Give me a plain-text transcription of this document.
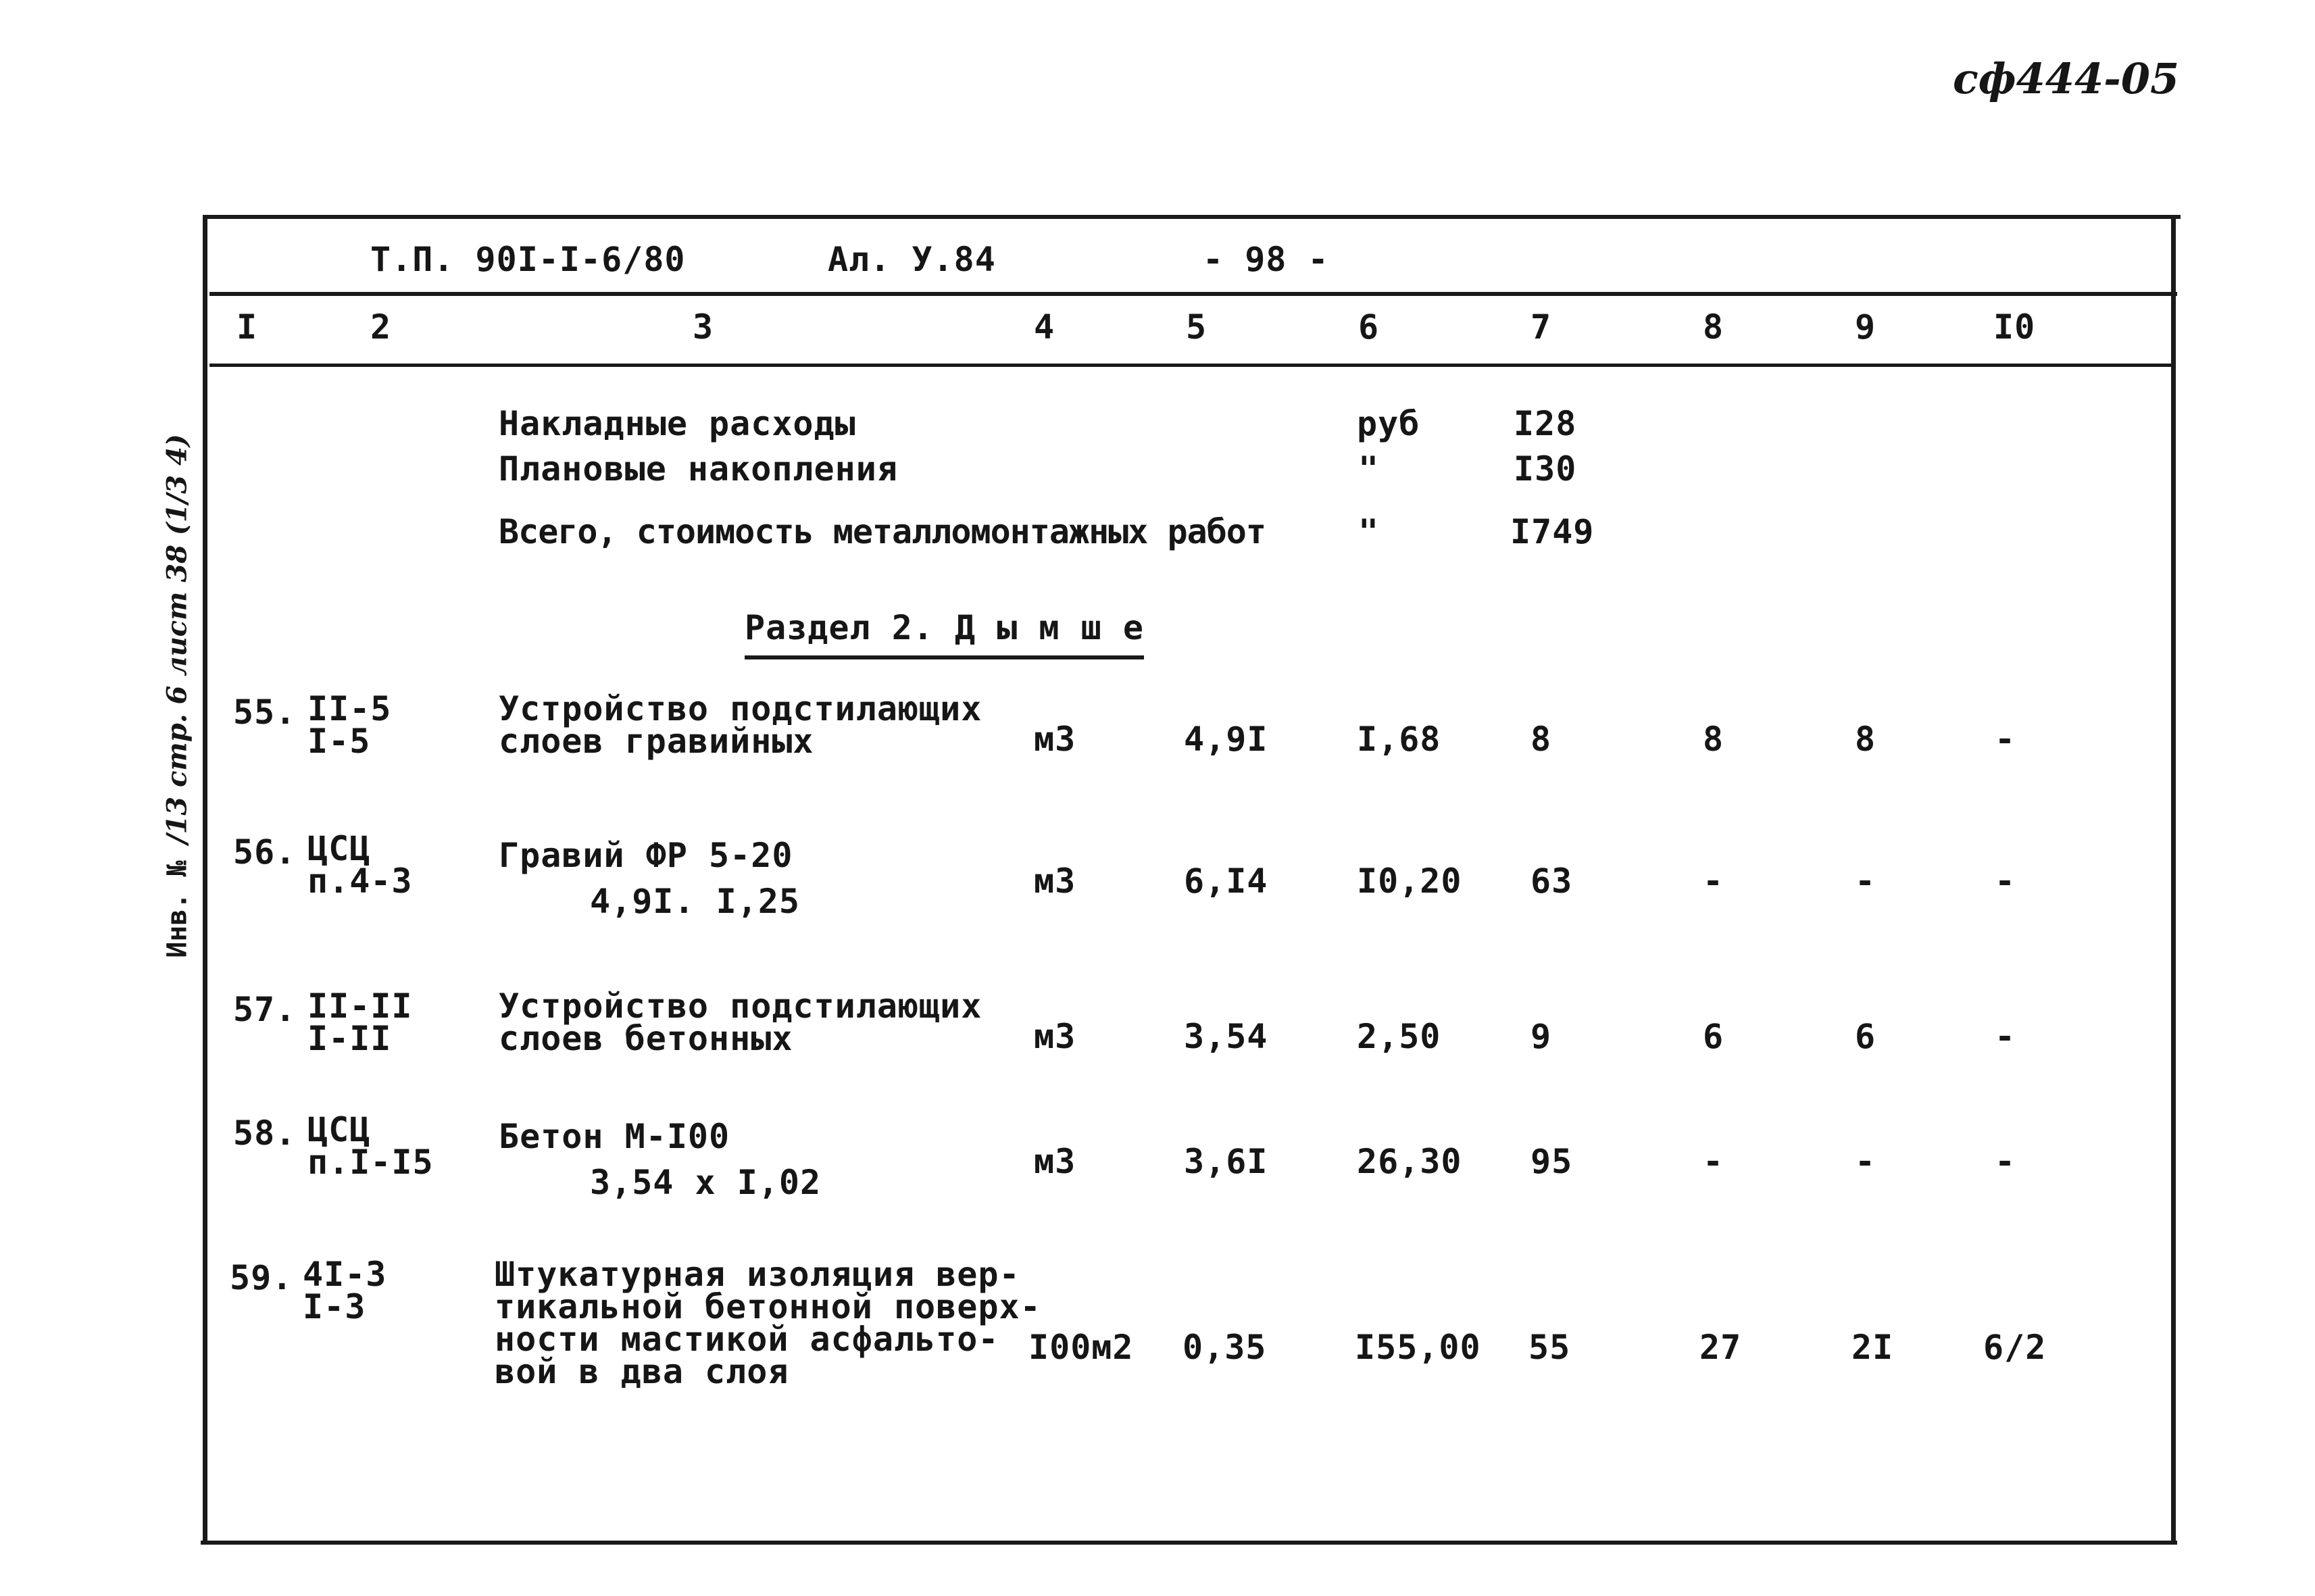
сф444-05
Инв. № /13 стр. 6 лист 38 (1/3 4)
Т.П. 90I-I-6/80	Ал. У.84	- 98 -
I	2	3	4	5	6	7	8	9	I0
Накладные расходы	руб	I28
Плановые накопления	"	I30
Всего, стоимость металломонтажных работ	"	I749
Раздел 2. Д ы м ш е
55. II-5
I-5
Устройство подстилающих
слоев гравийных	м3	4,9I	I,68	8	8	8	-
56. ЦСЦ
п.4-3
Гравий ФР 5-20
4,9I. I,25
м3	6,I4	I0,20 63	-	-	-
57. II-II
I-II
Устройство подстилающих
слоев бетонных	м3	3,54	2,50	9	6	6	-
58. ЦСЦ
п.I-I5
Бетон М-I00
3,54 х I,02
м3	3,6I	26,30 95	-	-	-
59. 4I-3
I-3
Штукатурная изоляция вер-
тикальной бетонной поверх-
ности мастикой асфальто-
вой в два слоя
I00м2 0,35	I55,00 55	27	2I	6/2
